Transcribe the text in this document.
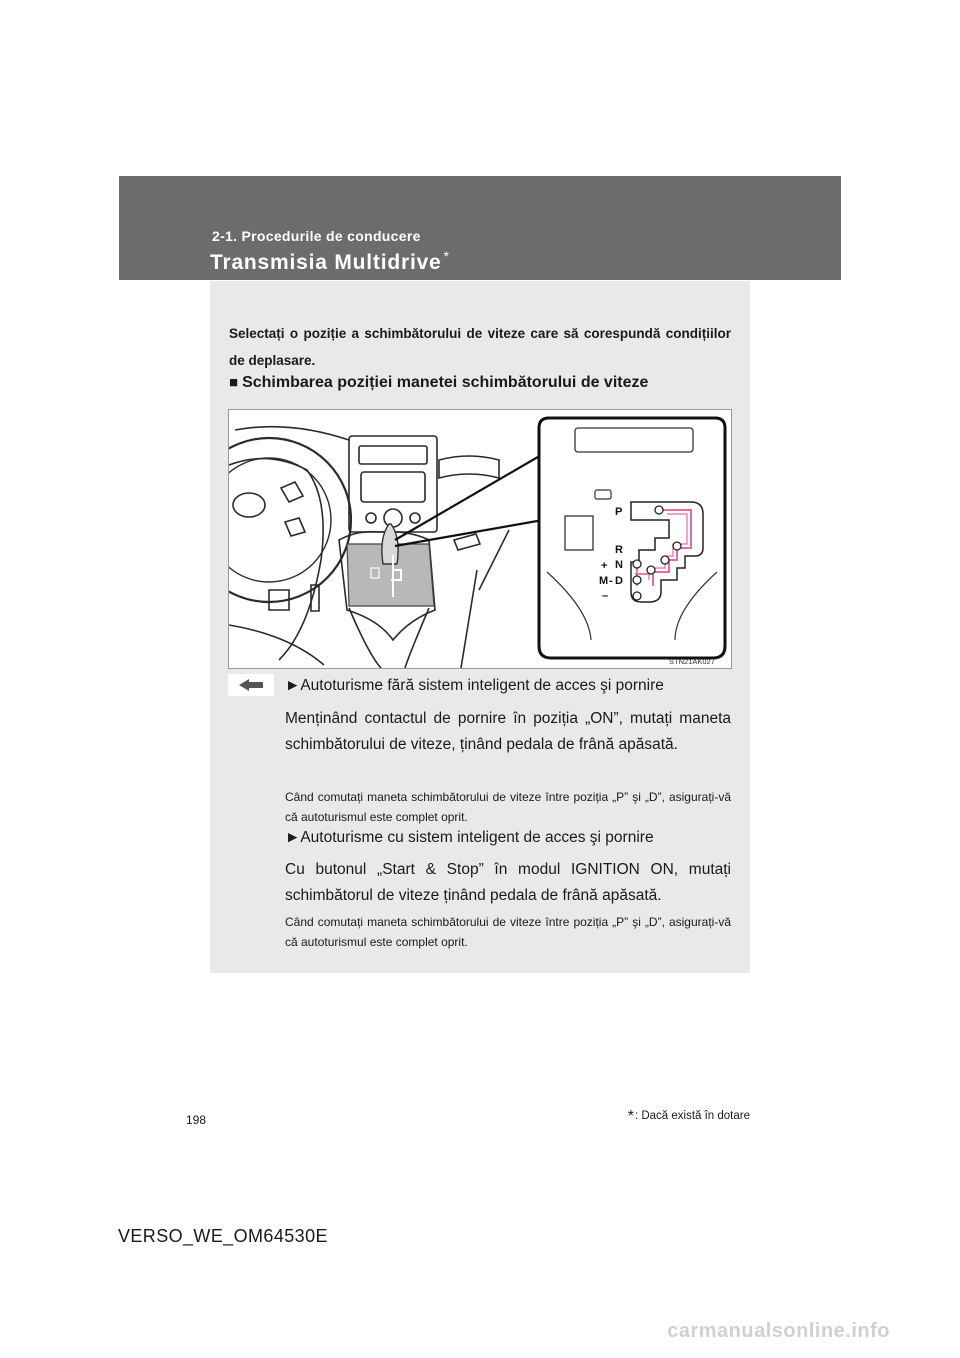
2-1. Procedurile de conducere
Transmisia Multidrive *
Selectați o poziție a schimbătorului de viteze care să corespundă condițiilor de deplasare.
■ Schimbarea poziției manetei schimbătorului de viteze
P
R
N
D
M
+
–
-
STN21AK027
►Autoturisme fără sistem inteligent de acces şi pornire
Menținând contactul de pornire în poziția „ON”, mutați maneta schimbătorului de viteze, ținând pedala de frână apăsată.
Când comutați maneta schimbătorului de viteze între poziția „P” şi „D”, asigurați-vă că autoturismul este complet oprit.
►Autoturisme cu sistem inteligent de acces şi pornire
Cu butonul „Start & Stop” în modul IGNITION ON, mutați schimbătorul de viteze ținând pedala de frână apăsată.
Când comutați maneta schimbătorului de viteze între poziția „P” şi „D”, asigurați-vă că autoturismul este complet oprit.
*: Dacă există în dotare
198
VERSO_WE_OM64530E
carmanualsonline.info
